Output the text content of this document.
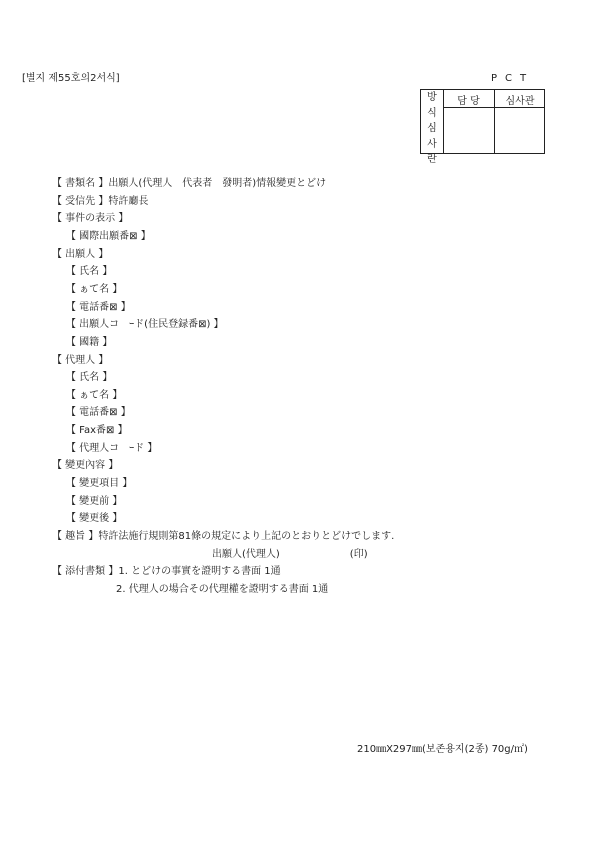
[별지 제55호의2서식]	PCT
방
식
심
사
란
담 당	심사관
【 書類名 】出願人(代理人　代表者　發明者)情報變更とどけ
【 受信先 】特許廳長
【 事件の表示 】
【 國際出願番⊠ 】
【 出願人 】
【 氏名 】
【 ぁて名 】
【 電話番⊠ 】
【 出願人コ　ｰド(住民登録番⊠) 】
【 國籍 】
【 代理人 】
【 氏名 】
【 ぁて名 】
【 電話番⊠ 】
【 Fax番⊠ 】
【 代理人コ　ｰド 】
【 變更內容 】
【 變更項目 】
【 變更前 】
【 變更後 】
【 趣旨 】特許法施行規則第81條の規定により上記のとおりとどけでします.
出願人(代理人)　　　　　　　(印)
【 添付書類 】1. とどけの事實を證明する書面 1通
2. 代理人の場合その代理權を證明する書面 1通
210㎜X297㎜(보존용지(2종) 70g/㎡)
